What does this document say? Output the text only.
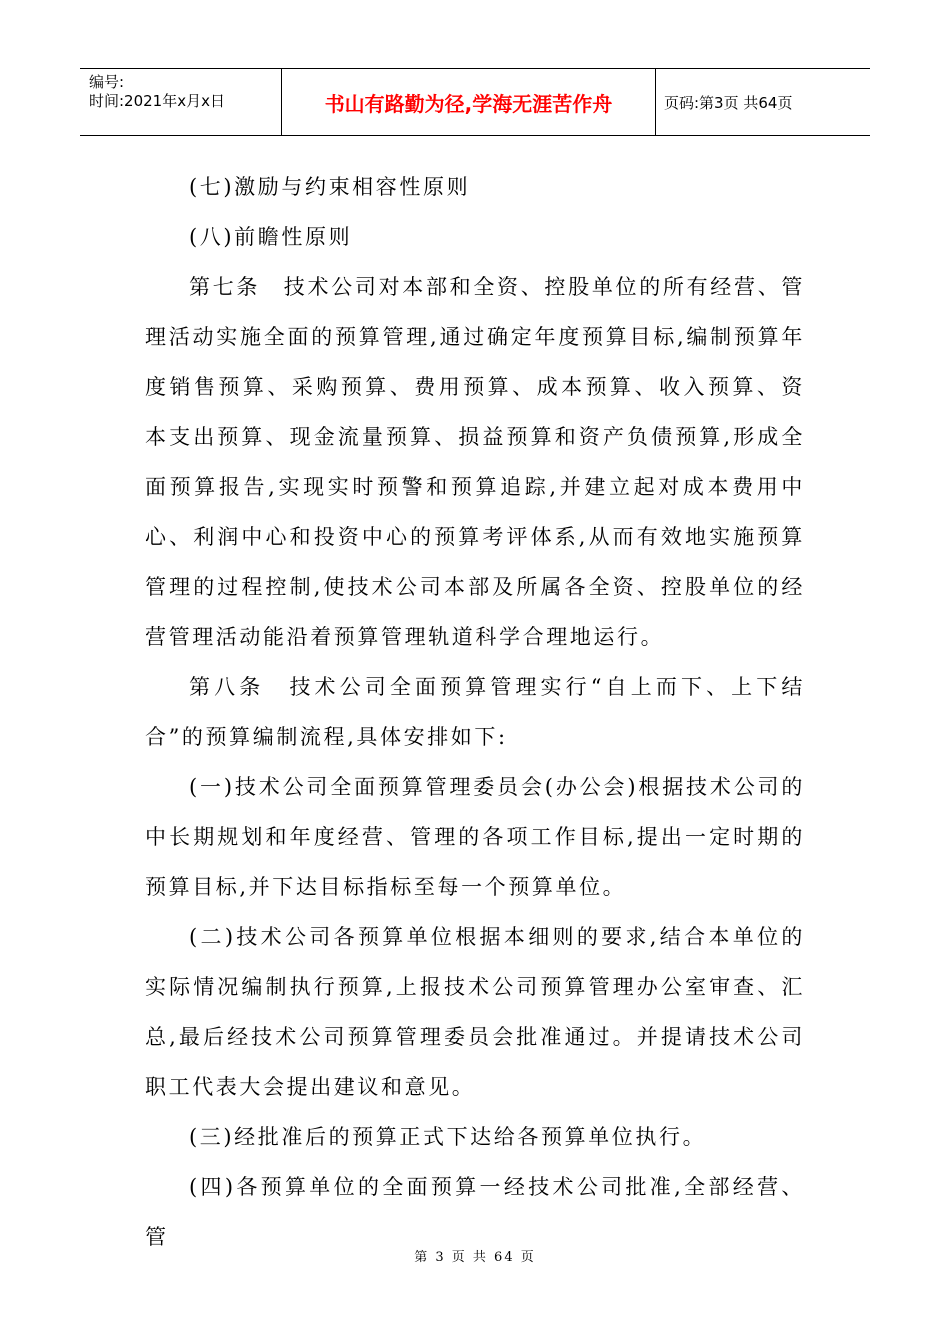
编号:
时间:2021年x月x日	书山有路勤为径,学海无涯苦作舟	页码:第3页 共64页

(七)激励与约束相容性原则

(八)前瞻性原则

第七条　技术公司对本部和全资、控股单位的所有经营、管理活动实施全面的预算管理,通过确定年度预算目标,编制预算年度销售预算、采购预算、费用预算、成本预算、收入预算、资本支出预算、现金流量预算、损益预算和资产负债预算,形成全面预算报告,实现实时预警和预算追踪,并建立起对成本费用中心、利润中心和投资中心的预算考评体系,从而有效地实施预算管理的过程控制,使技术公司本部及所属各全资、控股单位的经营管理活动能沿着预算管理轨道科学合理地运行。

第八条　技术公司全面预算管理实行“自上而下、上下结合”的预算编制流程,具体安排如下:

(一)技术公司全面预算管理委员会(办公会)根据技术公司的中长期规划和年度经营、管理的各项工作目标,提出一定时期的预算目标,并下达目标指标至每一个预算单位。

(二)技术公司各预算单位根据本细则的要求,结合本单位的实际情况编制执行预算,上报技术公司预算管理办公室审查、汇总,最后经技术公司预算管理委员会批准通过。并提请技术公司职工代表大会提出建议和意见。

(三)经批准后的预算正式下达给各预算单位执行。

(四)各预算单位的全面预算一经技术公司批准,全部经营、管

第 3 页 共 64 页
